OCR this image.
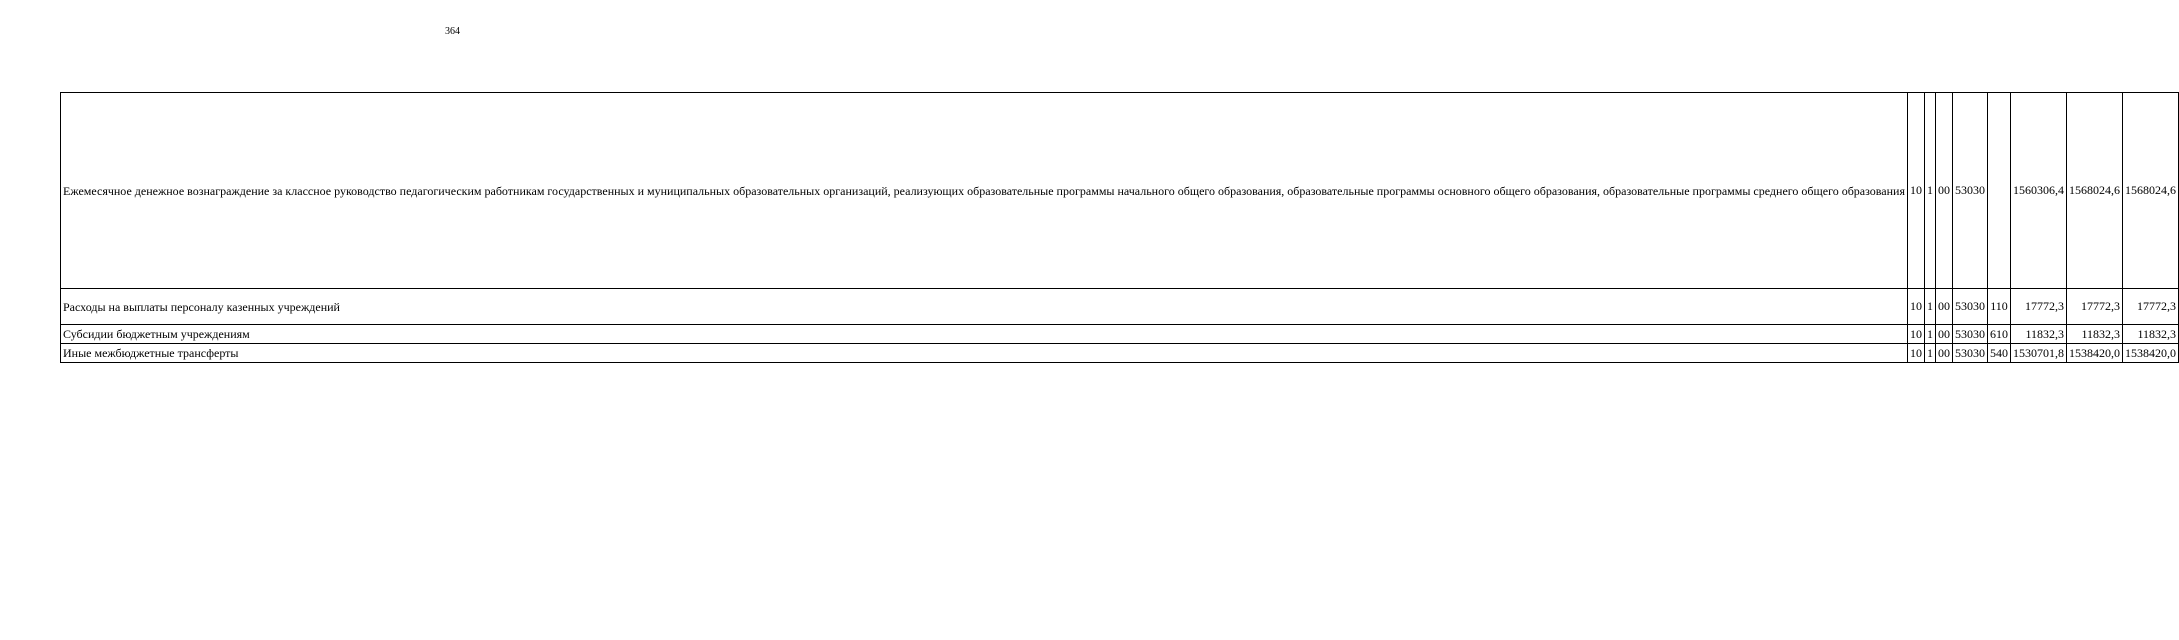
364
Ежемесячное денежное вознаграждение за классное руководство педагогическим работникам государственных и муниципальных образовательных организаций, реализующих образовательные программы начального общего образования, образовательные программы основного общего образования, образовательные программы среднего общего образования	10	1	00	53030		1560306,4	1568024,6	1568024,6
Расходы на выплаты персоналу казенных учреждений	10	1	00	53030	110	17772,3	17772,3	17772,3
Субсидии бюджетным учреждениям	10	1	00	53030	610	11832,3	11832,3	11832,3
Иные межбюджетные трансферты	10	1	00	53030	540	1530701,8	1538420,0	1538420,0
